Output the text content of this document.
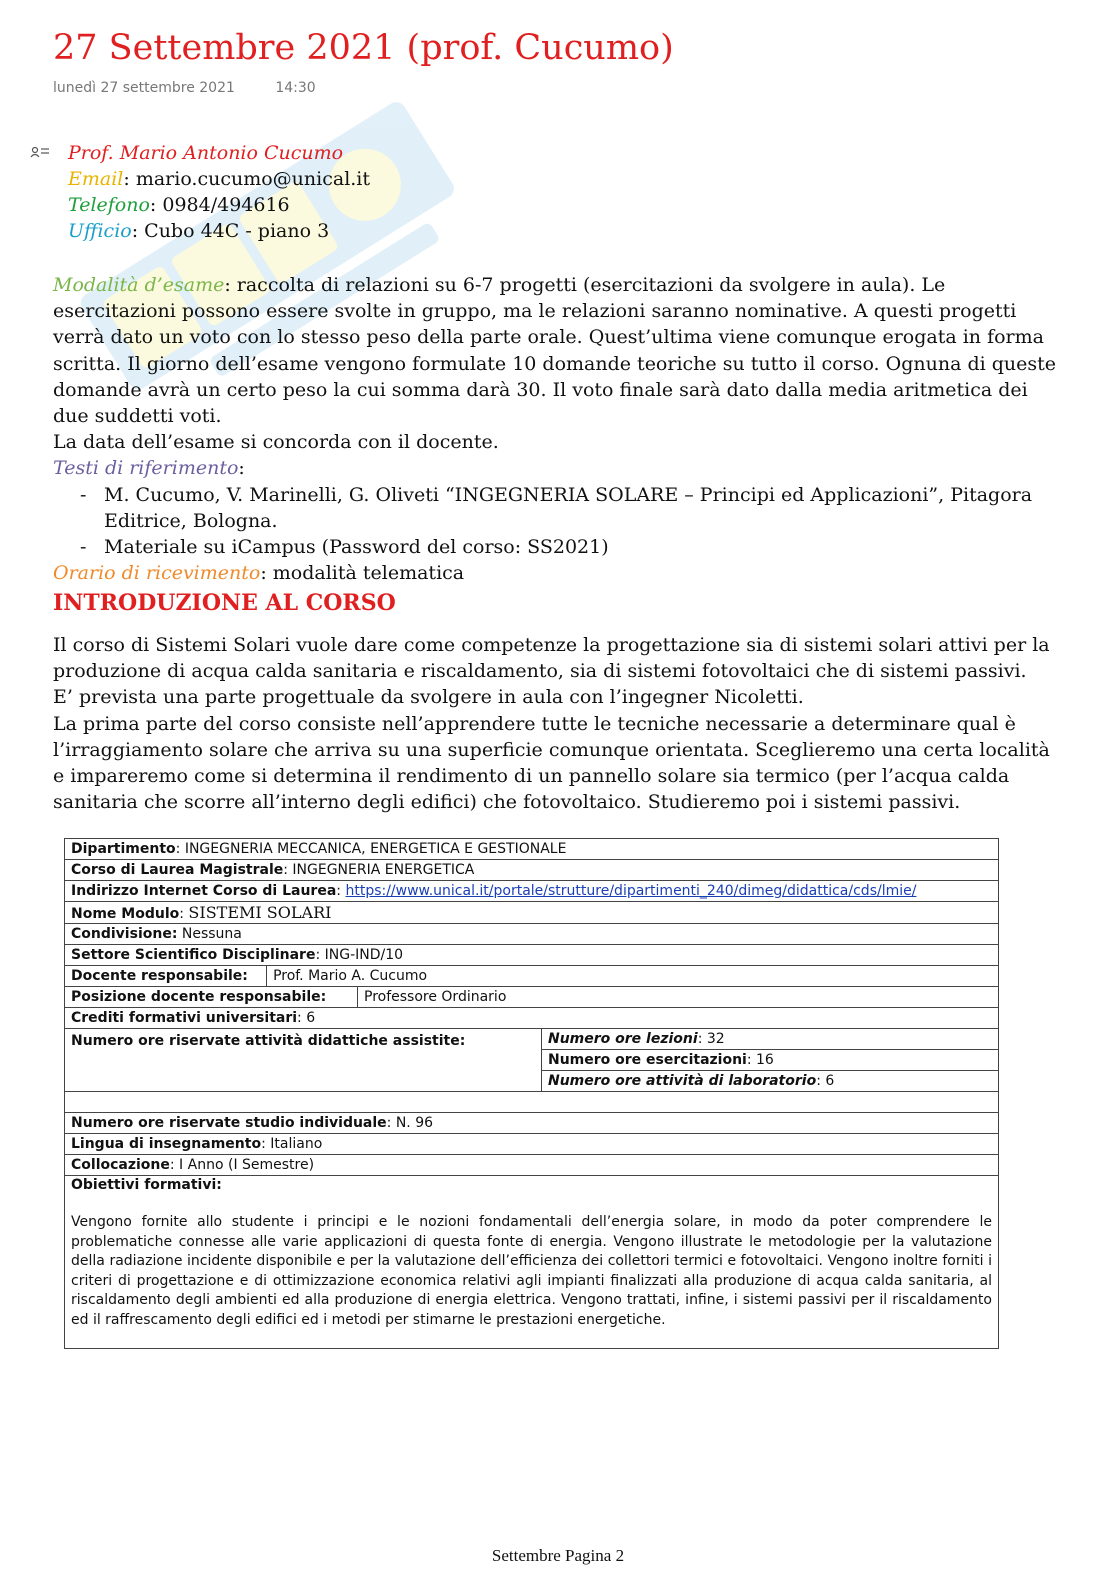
27 Settembre 2021 (prof. Cucumo)
lunedì 27 settembre 2021	14:30
Prof. Mario Antonio Cucumo
Email: mario.cucumo@unical.it
Telefono: 0984/494616
Ufficio: Cubo 44C - piano 3
Modalità d’esame: raccolta di relazioni su 6-7 progetti (esercitazioni da svolgere in aula). Le esercitazioni possono essere svolte in gruppo, ma le relazioni saranno nominative. A questi progetti verrà dato un voto con lo stesso peso della parte orale. Quest’ultima viene comunque erogata in forma scritta. Il giorno dell’esame vengono formulate 10 domande teoriche su tutto il corso. Ognuna di queste domande avrà un certo peso la cui somma darà 30. Il voto finale sarà dato dalla media aritmetica dei due suddetti voti.
La data dell’esame si concorda con il docente.
Testi di riferimento:
- M. Cucumo, V. Marinelli, G. Oliveti “INGEGNERIA SOLARE – Principi ed Applicazioni”, Pitagora Editrice, Bologna.
- Materiale su iCampus (Password del corso: SS2021)
Orario di ricevimento: modalità telematica
INTRODUZIONE AL CORSO
Il corso di Sistemi Solari vuole dare come competenze la progettazione sia di sistemi solari attivi per la produzione di acqua calda sanitaria e riscaldamento, sia di sistemi fotovoltaici che di sistemi passivi.
E’ prevista una parte progettuale da svolgere in aula con l’ingegner Nicoletti.
La prima parte del corso consiste nell’apprendere tutte le tecniche necessarie a determinare qual è l’irraggiamento solare che arriva su una superficie comunque orientata. Sceglieremo una certa località e impareremo come si determina il rendimento di un pannello solare sia termico (per l’acqua calda sanitaria che scorre all’interno degli edifici) che fotovoltaico. Studieremo poi i sistemi passivi.
Dipartimento: INGEGNERIA MECCANICA, ENERGETICA E GESTIONALE			
Corso di Laurea Magistrale: INGEGNERIA ENERGETICA			
Indirizzo Internet Corso di Laurea: https://www.unical.it/portale/strutture/dipartimenti_240/dimeg/didattica/cds/lmie/			
Nome Modulo: SISTEMI SOLARI			
Condivisione: Nessuna			
Settore Scientifico Disciplinare: ING-IND/10			
Docente responsabile:	Prof. Mario A. Cucumo		
Posizione docente responsabile:		Professore Ordinario	
Crediti formativi universitari: 6			
Numero ore riservate attività didattiche assistite:			Numero ore lezioni: 32
			Numero ore esercitazioni: 16
			Numero ore attività di laboratorio: 6

Numero ore riservate studio individuale: N. 96			
Lingua di insegnamento: Italiano			
Collocazione: I Anno (I Semestre)			
Obiettivi formativi:
Vengono fornite allo studente i principi e le nozioni fondamentali dell’energia solare, in modo da poter comprendere le problematiche connesse alle varie applicazioni di questa fonte di energia. Vengono illustrate le metodologie per la valutazione della radiazione incidente disponibile e per la valutazione dell’efficienza dei collettori termici e fotovoltaici. Vengono inoltre forniti i criteri di progettazione e di ottimizzazione economica relativi agli impianti finalizzati alla produzione di acqua calda sanitaria, al riscaldamento degli ambienti ed alla produzione di energia elettrica. Vengono trattati, infine, i sistemi passivi per il riscaldamento ed il raffrescamento degli edifici ed i metodi per stimarne le prestazioni energetiche.			
Settembre Pagina 2
